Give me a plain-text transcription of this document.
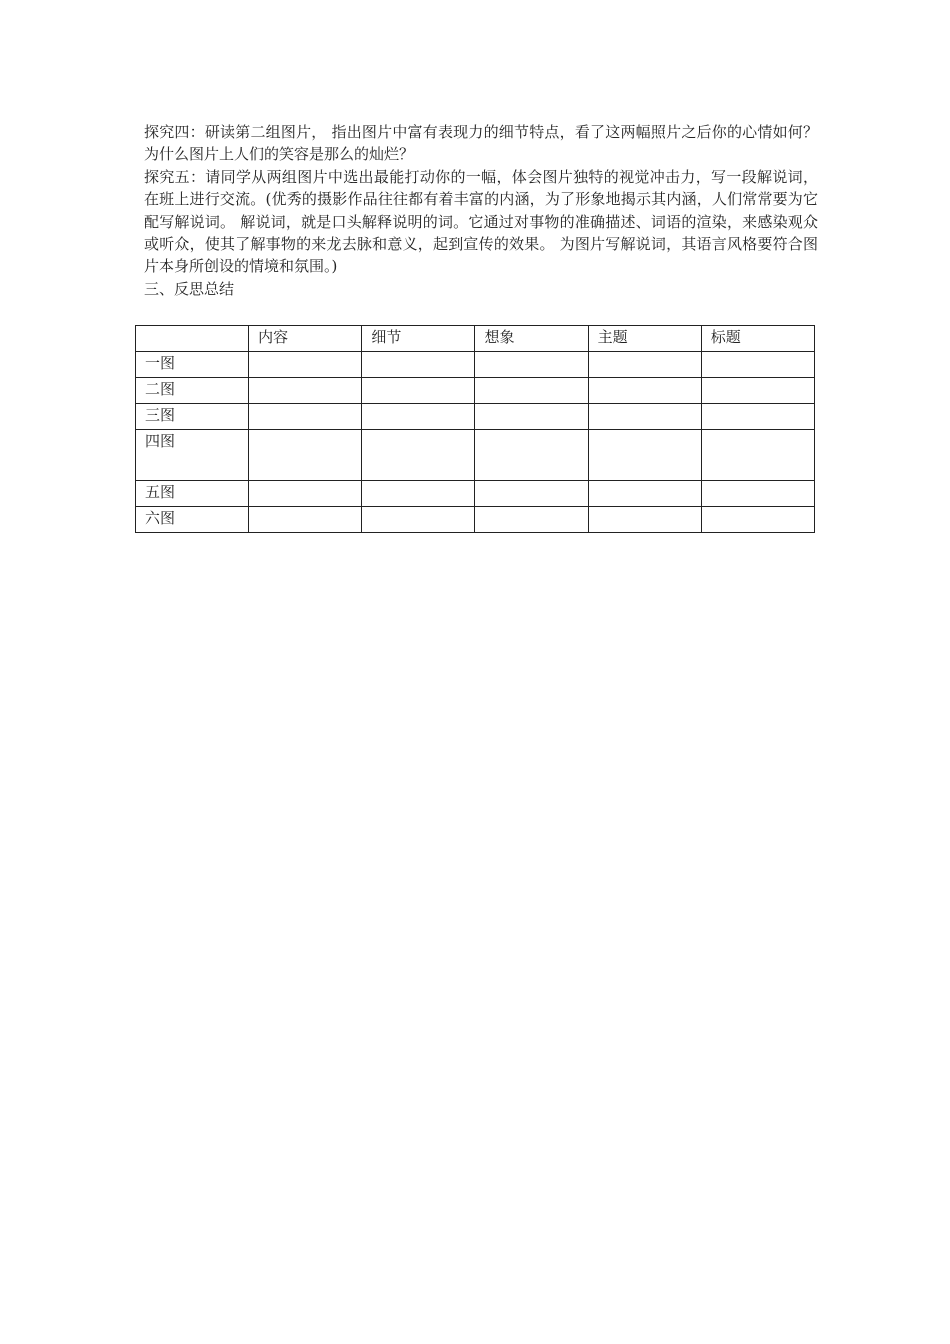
探究四：研读第二组图片， 指出图片中富有表现力的细节特点，看了这两幅照片之后你的心情如何？为什么图片上人们的笑容是那么的灿烂？

探究五：请同学从两组图片中选出最能打动你的一幅，体会图片独特的视觉冲击力，写一段解说词，在班上进行交流。(优秀的摄影作品往往都有着丰富的内涵，为了形象地揭示其内涵，人们常常要为它配写解说词。 解说词，就是口头解释说明的词。它通过对事物的准确描述、词语的渲染，来感染观众或听众，使其了解事物的来龙去脉和意义，起到宣传的效果。 为图片写解说词，其语言风格要符合图片本身所创设的情境和氛围。)

三、反思总结

	内容	细节	想象	主题	标题
一图					
二图					
三图					
四图					
五图					
六图					
